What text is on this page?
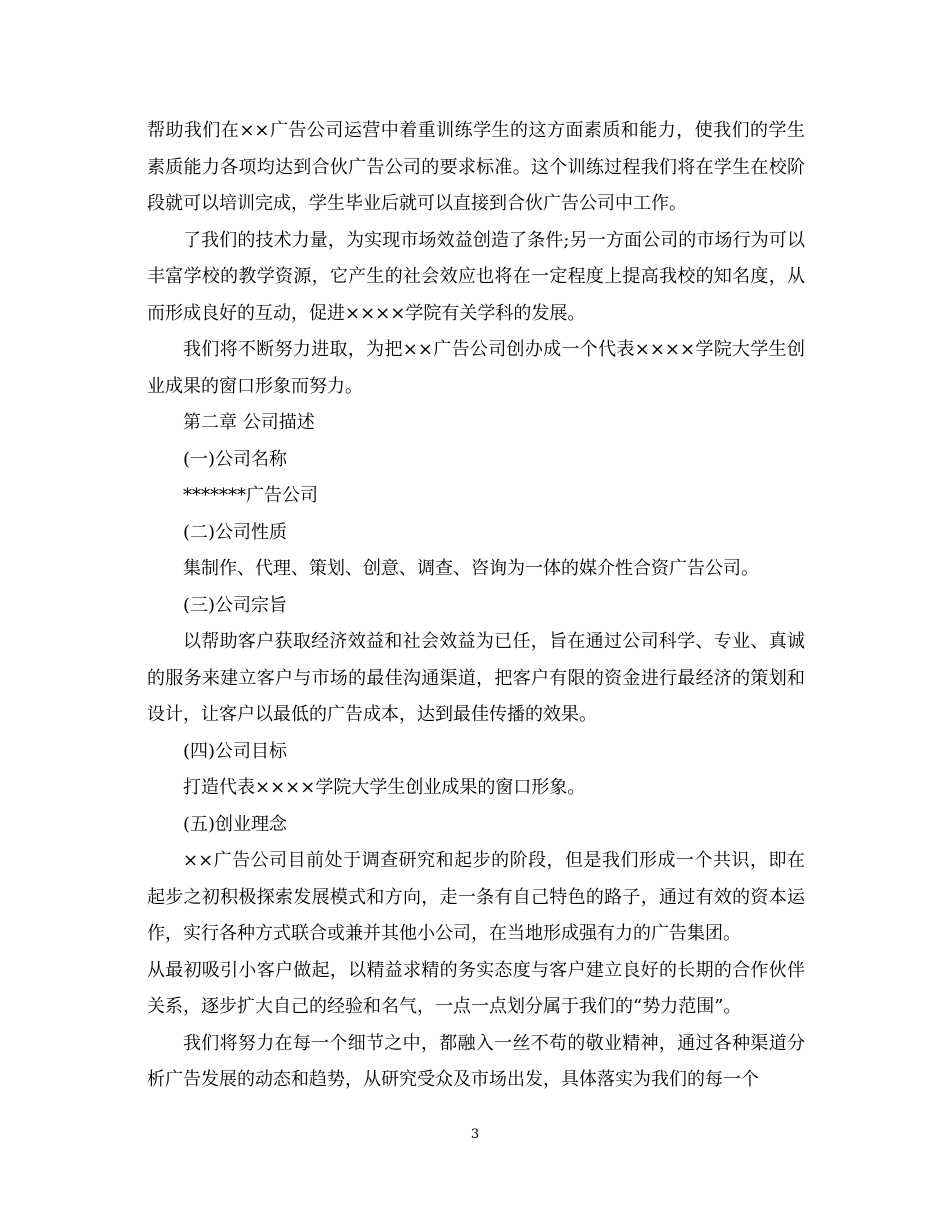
帮助我们在××广告公司运营中着重训练学生的这方面素质和能力，使我们的学生素质能力各项均达到合伙广告公司的要求标准。这个训练过程我们将在学生在校阶段就可以培训完成，学生毕业后就可以直接到合伙广告公司中工作。

了我们的技术力量，为实现市场效益创造了条件;另一方面公司的市场行为可以丰富学校的教学资源，它产生的社会效应也将在一定程度上提高我校的知名度，从而形成良好的互动，促进××××学院有关学科的发展。

我们将不断努力进取，为把××广告公司创办成一个代表××××学院大学生创业成果的窗口形象而努力。

第二章 公司描述

(一)公司名称

*******广告公司

(二)公司性质

集制作、代理、策划、创意、调查、咨询为一体的媒介性合资广告公司。

(三)公司宗旨

以帮助客户获取经济效益和社会效益为已任，旨在通过公司科学、专业、真诚的服务来建立客户与市场的最佳沟通渠道，把客户有限的资金进行最经济的策划和设计，让客户以最低的广告成本，达到最佳传播的效果。

(四)公司目标

打造代表××××学院大学生创业成果的窗口形象。

(五)创业理念

××广告公司目前处于调查研究和起步的阶段，但是我们形成一个共识，即在起步之初积极探索发展模式和方向，走一条有自己特色的路子，通过有效的资本运作，实行各种方式联合或兼并其他小公司，在当地形成强有力的广告集团。

从最初吸引小客户做起，以精益求精的务实态度与客户建立良好的长期的合作伙伴关系，逐步扩大自己的经验和名气，一点一点划分属于我们的“势力范围”。

我们将努力在每一个细节之中，都融入一丝不苟的敬业精神，通过各种渠道分析广告发展的动态和趋势，从研究受众及市场出发，具体落实为我们的每一个

3
